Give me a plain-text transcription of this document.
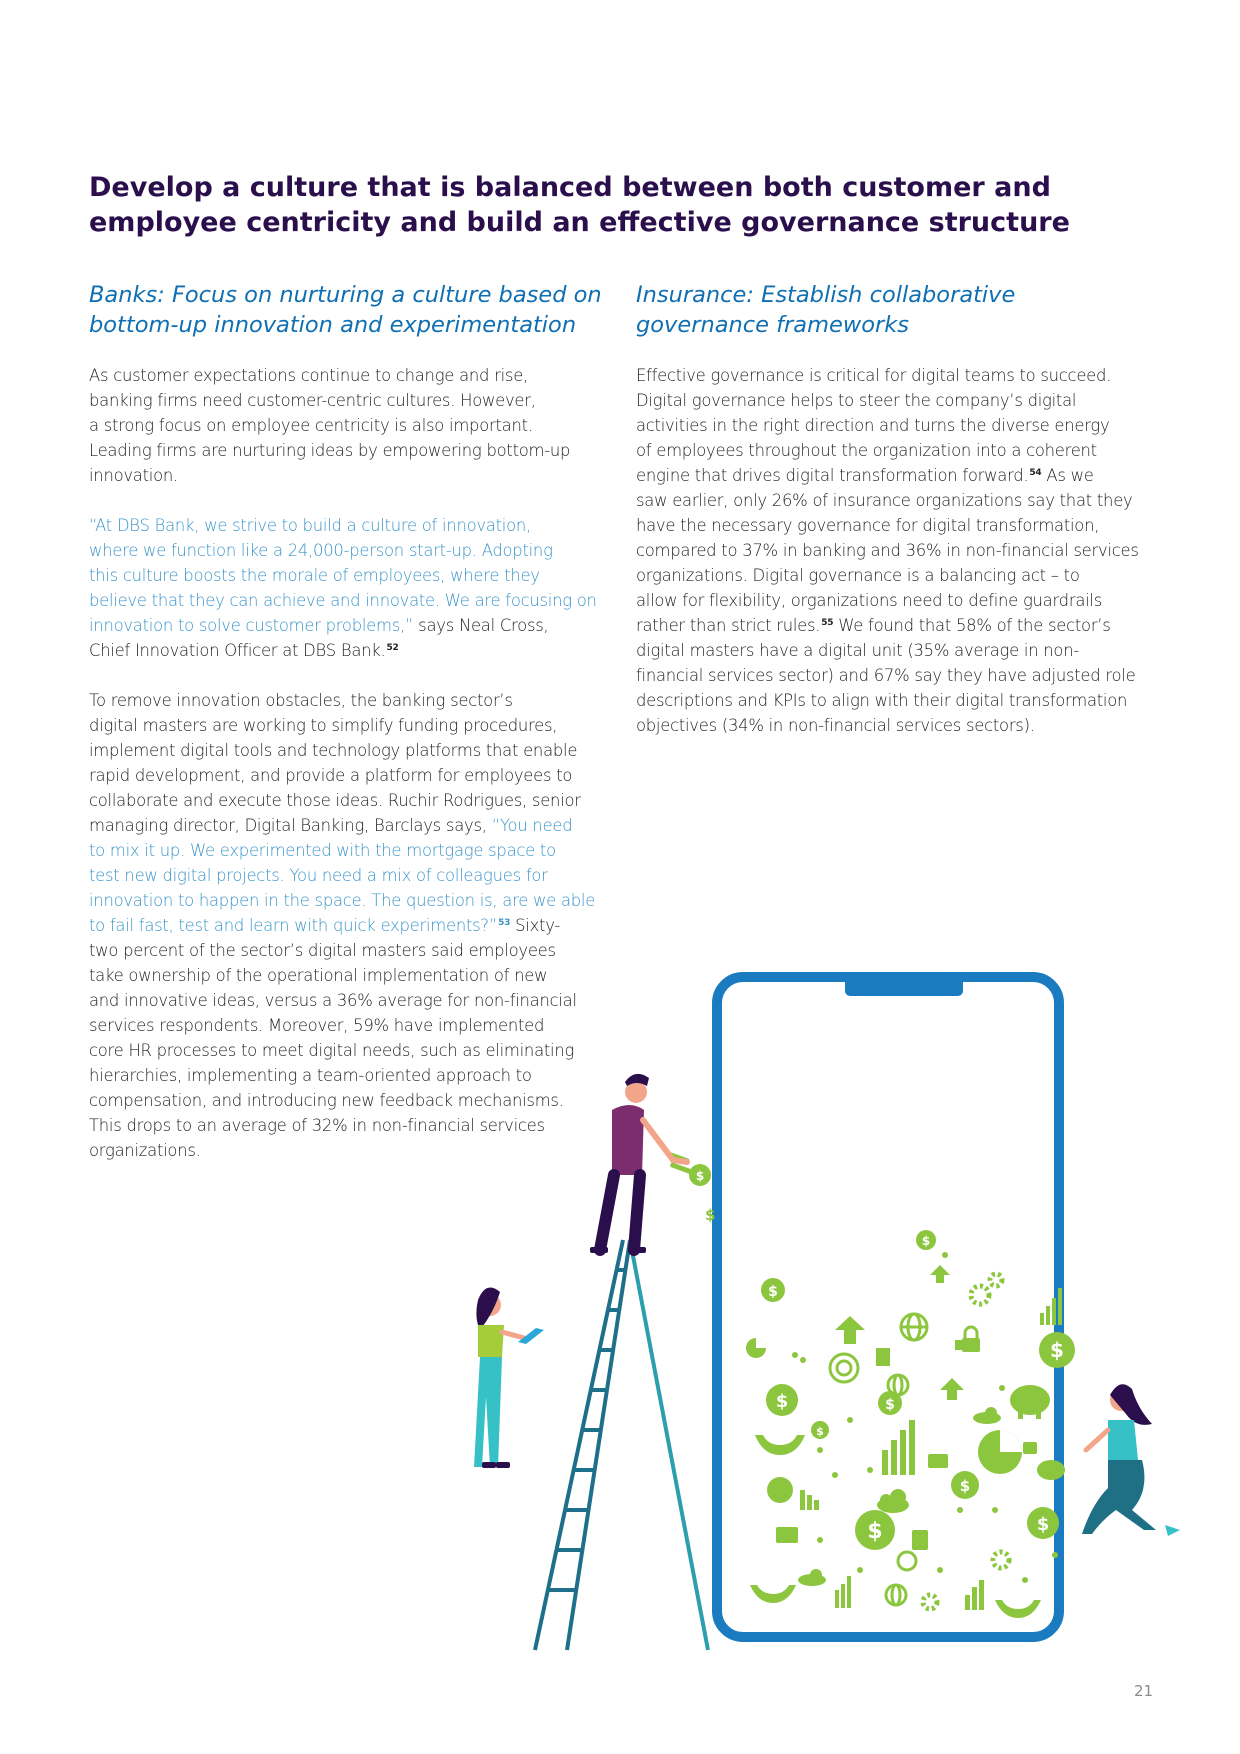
Develop a culture that is balanced between both customer and
employee centricity and build an effective governance structure
Banks: Focus on nurturing a culture based on
bottom-up innovation and experimentation

As customer expectations continue to change and rise,
banking firms need customer-centric cultures. However,
a strong focus on employee centricity is also important.
Leading firms are nurturing ideas by empowering bottom-up
innovation.

“At DBS Bank, we strive to build a culture of innovation,
where we function like a 24,000-person start-up. Adopting
this culture boosts the morale of employees, where they
believe that they can achieve and innovate. We are focusing on
innovation to solve customer problems,” says Neal Cross,
Chief Innovation Officer at DBS Bank.$^{52}$

To remove innovation obstacles, the banking sector’s
digital masters are working to simplify funding procedures,
implement digital tools and technology platforms that enable
rapid development, and provide a platform for employees to
collaborate and execute those ideas. Ruchir Rodrigues, senior
managing director, Digital Banking, Barclays says, “You need
to mix it up. We experimented with the mortgage space to
test new digital projects. You need a mix of colleagues for
innovation to happen in the space. The question is, are we able
to fail fast, test and learn with quick experiments?”$^{53}$ Sixty-
two percent of the sector’s digital masters said employees
take ownership of the operational implementation of new
and innovative ideas, versus a 36% average for non-financial
services respondents. Moreover, 59% have implemented
core HR processes to meet digital needs, such as eliminating
hierarchies, implementing a team-oriented approach to
compensation, and introducing new feedback mechanisms.
This drops to an average of 32% in non-financial services
organizations.

Insurance: Establish collaborative
governance frameworks

Effective governance is critical for digital teams to succeed.
Digital governance helps to steer the company’s digital
activities in the right direction and turns the diverse energy
of employees throughout the organization into a coherent
engine that drives digital transformation forward.$^{54}$ As we
saw earlier, only 26% of insurance organizations say that they
have the necessary governance for digital transformation,
compared to 37% in banking and 36% in non-financial services
organizations. Digital governance is a balancing act – to
allow for flexibility, organizations need to define guardrails
rather than strict rules.$^{55}$ We found that 58% of the sector’s
digital masters have a digital unit (35% average in non-
financial services sector) and 67% say they have adjusted role
descriptions and KPIs to align with their digital transformation
objectives (34% in non-financial services sectors).

$
$
$
$
$
$
$
$
$
$
$
21
